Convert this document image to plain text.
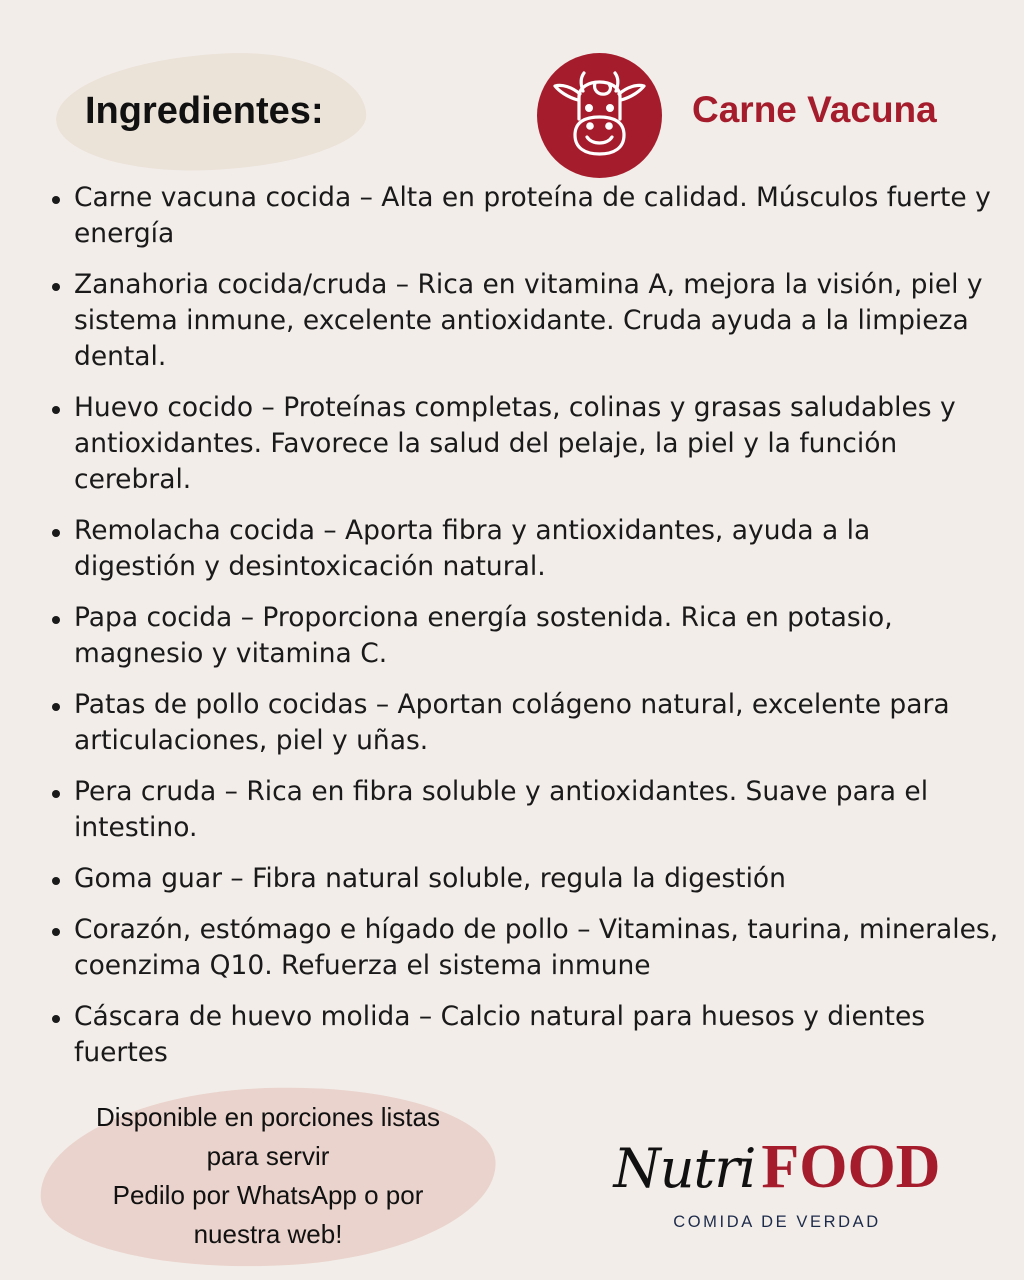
Ingredientes:	Carne Vacuna
Carne vacuna cocida – Alta en proteína de calidad. Músculos fuerte y energía
Zanahoria cocida/cruda – Rica en vitamina A, mejora la visión, piel y sistema inmune, excelente antioxidante. Cruda ayuda a la limpieza dental.
Huevo cocido – Proteínas completas, colinas y grasas saludables y antioxidantes. Favorece la salud del pelaje, la piel y la función cerebral.
Remolacha cocida – Aporta fibra y antioxidantes, ayuda a la digestión y desintoxicación natural.
Papa cocida – Proporciona energía sostenida. Rica en potasio, magnesio y vitamina C.
Patas de pollo cocidas – Aportan colágeno natural, excelente para articulaciones, piel y uñas.
Pera cruda – Rica en fibra soluble y antioxidantes. Suave para el intestino.
Goma guar – Fibra natural soluble, regula la digestión
Corazón, estómago e hígado de pollo – Vitaminas, taurina, minerales, coenzima Q10. Refuerza el sistema inmune
Cáscara de huevo molida – Calcio natural para huesos y dientes fuertes

Disponible en porciones listas
para servir
Pedilo por WhatsApp o por
nuestra web!

NutriFOOD
COMIDA DE VERDAD
